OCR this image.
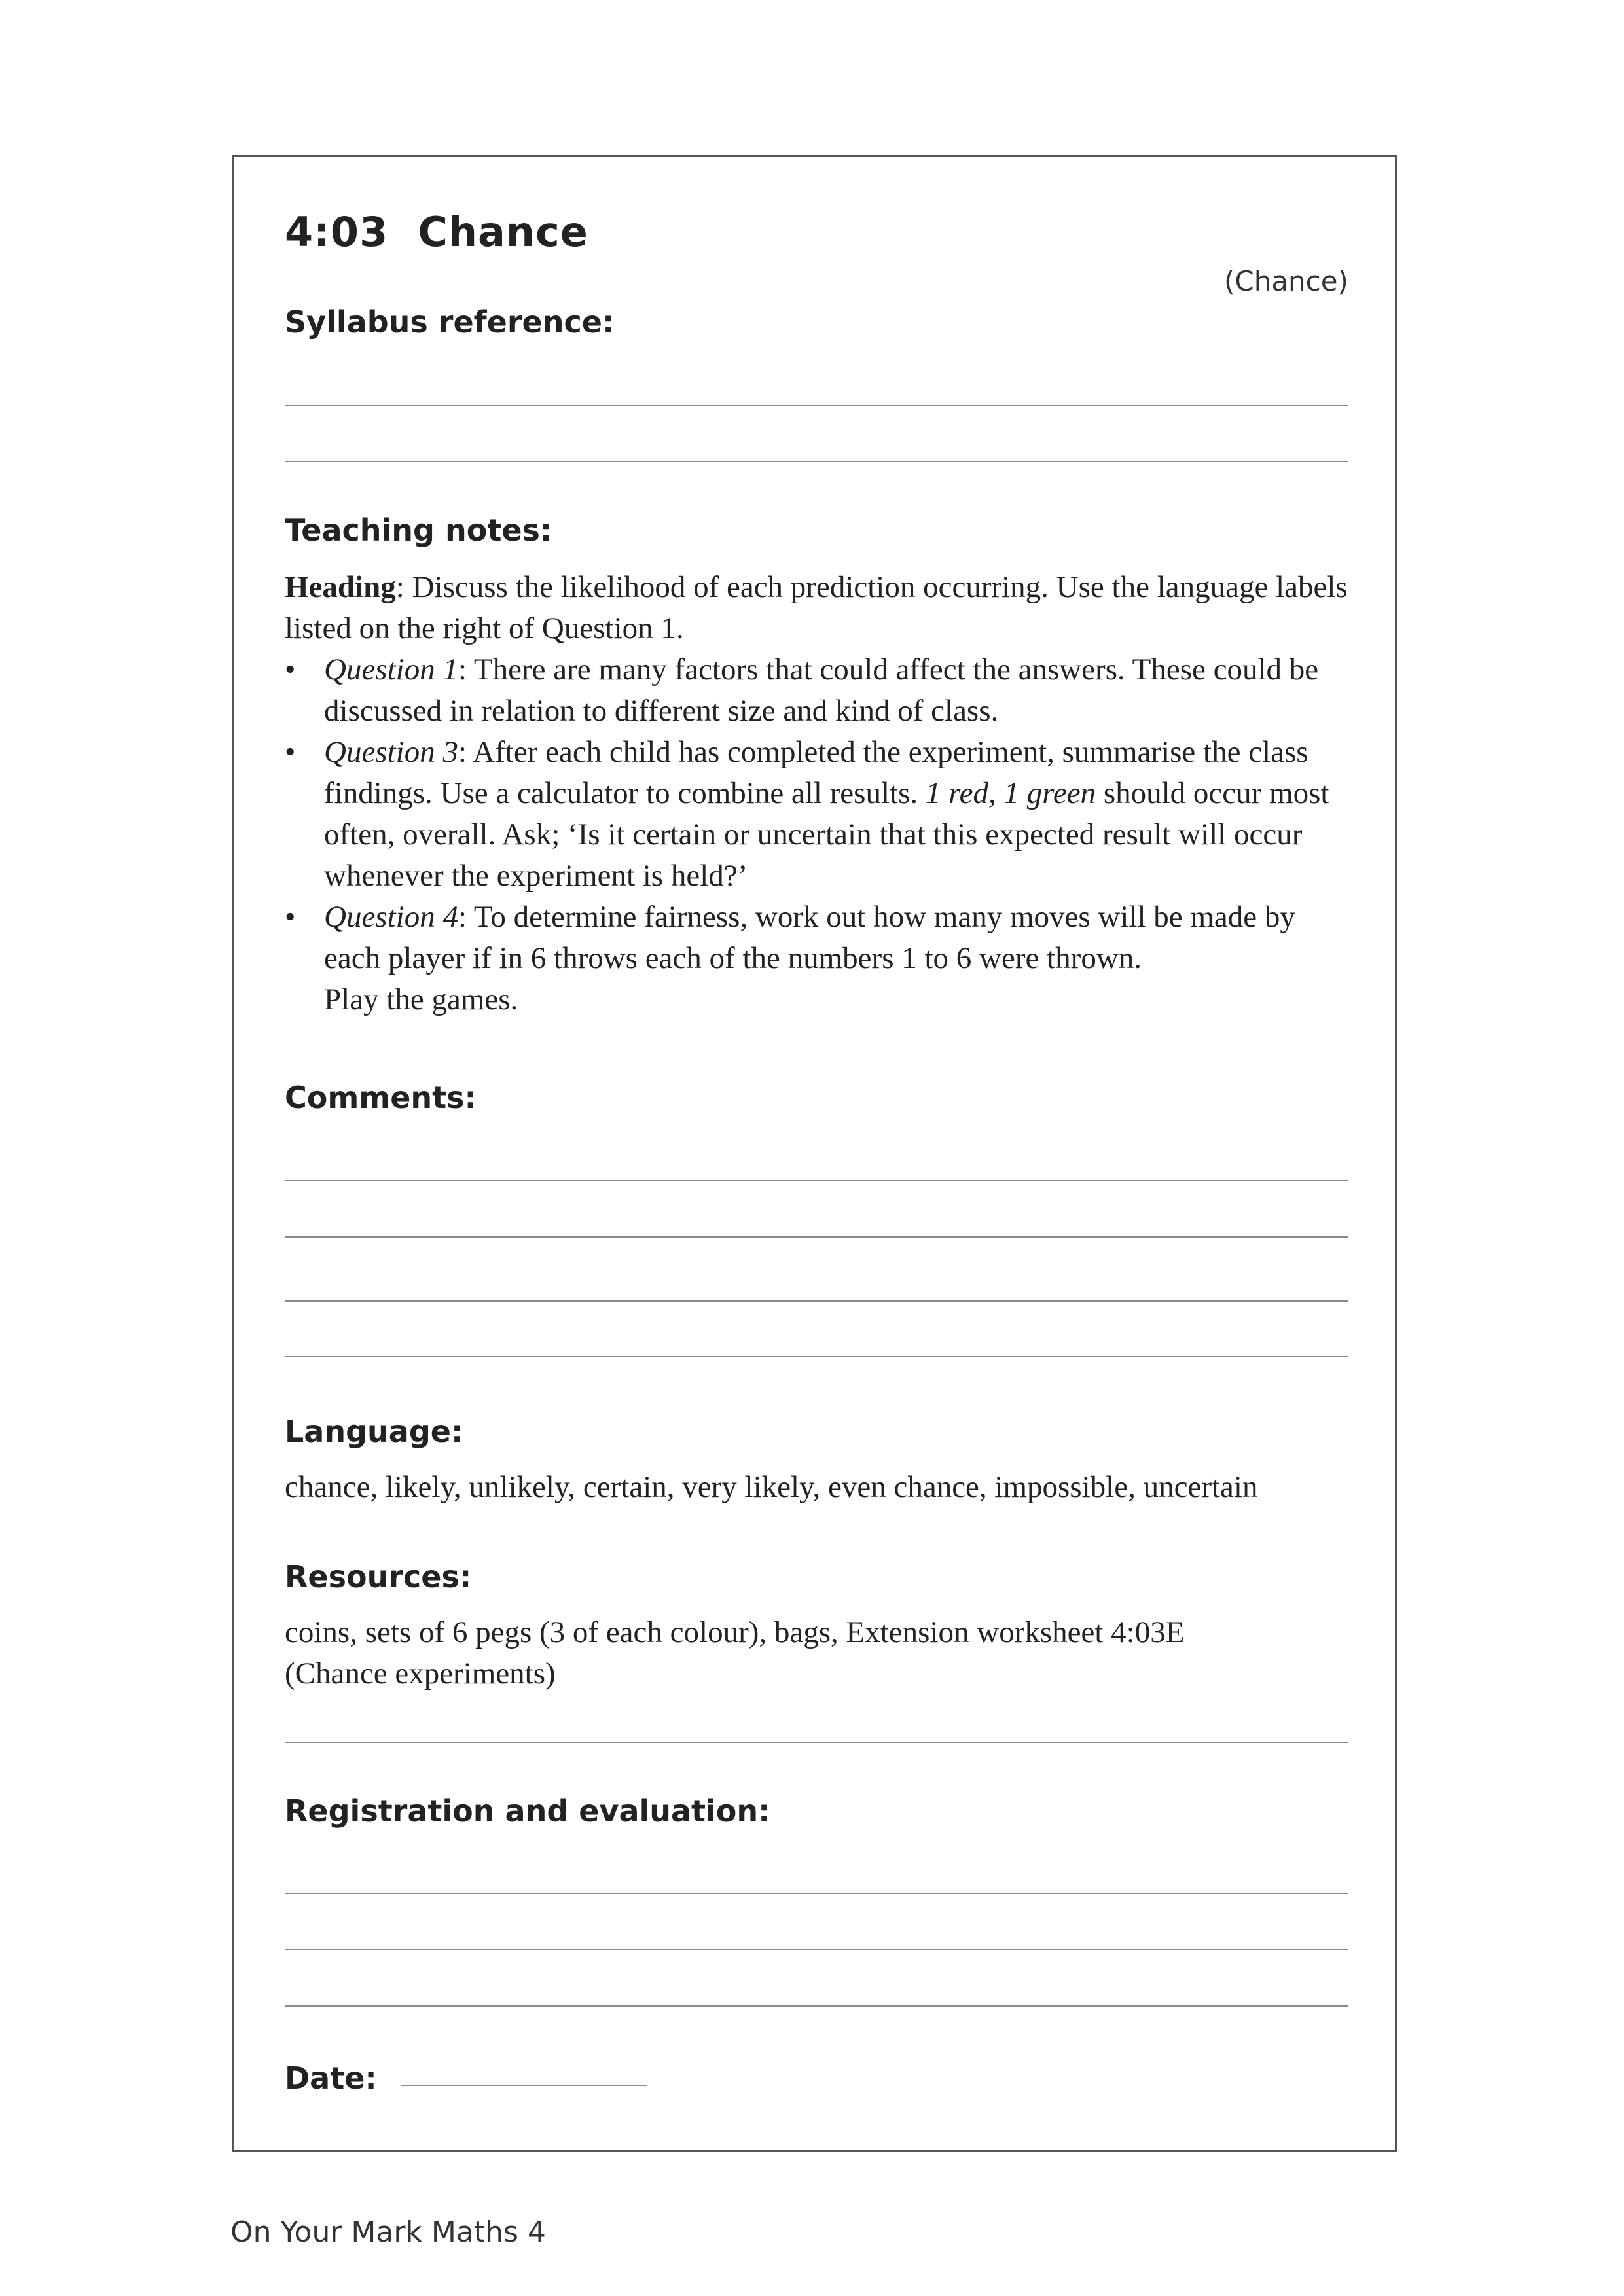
4:03  Chance
(Chance)
Syllabus reference:
Teaching notes:

Heading: Discuss the likelihood of each prediction occurring. Use the language labels listed on the right of Question 1.

• Question 1: There are many factors that could affect the answers. These could be discussed in relation to different size and kind of class.
• Question 3: After each child has completed the experiment, summarise the class findings. Use a calculator to combine all results. 1 red, 1 green should occur most often, overall. Ask; ‘Is it certain or uncertain that this expected result will occur whenever the experiment is held?’
• Question 4: To determine fairness, work out how many moves will be made by each player if in 6 throws each of the numbers 1 to 6 were thrown.
Play the games.
Comments:
Language:
chance, likely, unlikely, certain, very likely, even chance, impossible, uncertain
Resources:
coins, sets of 6 pegs (3 of each colour), bags, Extension worksheet 4:03E (Chance experiments)
Registration and evaluation:
Date:
On Your Mark Maths 4
